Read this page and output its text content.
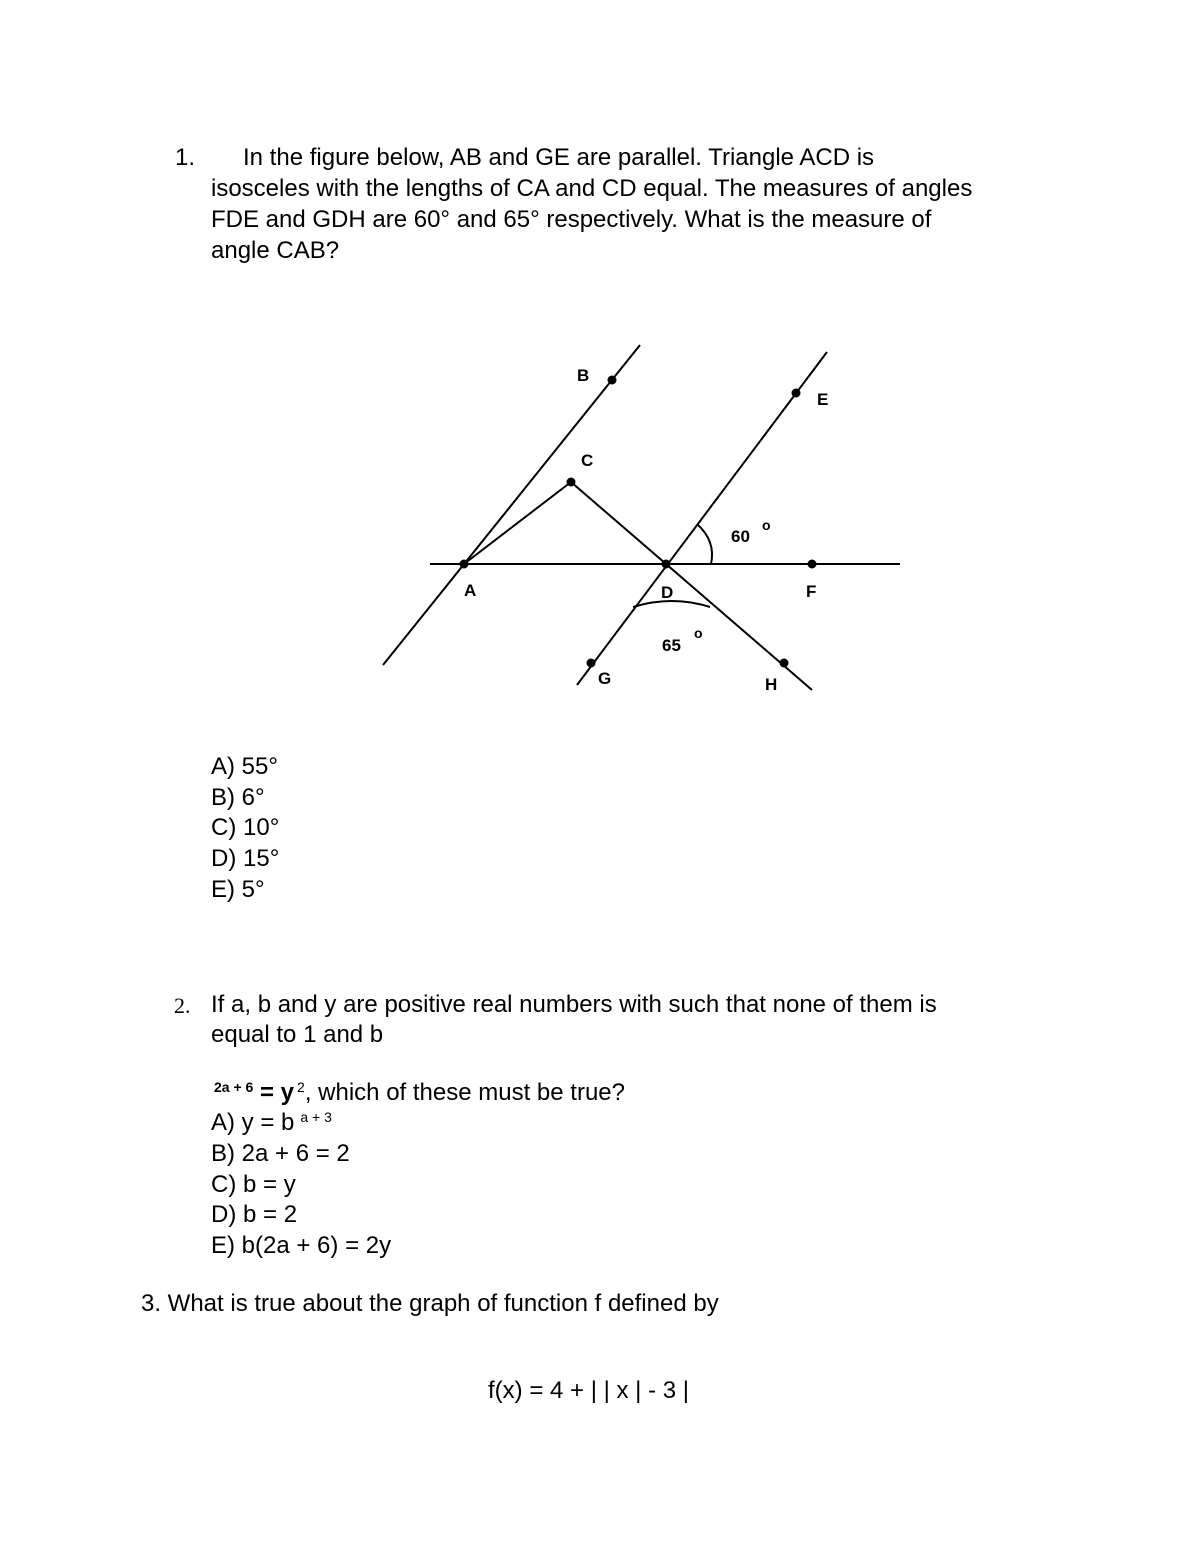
1. In the figure below, AB and GE are parallel. Triangle ACD is
isosceles with the lengths of CA and CD equal. The measures of angles
FDE and GDH are 60° and 65° respectively. What is the measure of
angle CAB?
B
C
E
A	D	F
G	H
60
o
65
o
A) 55°
B) 6°
C) 10°
D) 15°
E) 5°
2. If a, b and y are positive real numbers with such that none of them is
equal to 1 and b
$^{2a + 6}$ = y $^2$, which of these must be true?
A) y = b $^{a + 3}$
B) 2a + 6 = 2
C) b = y
D) b = 2
E) b(2a + 6) = 2y
3. What is true about the graph of function f defined by
f(x) = 4 + | | x | - 3 |
